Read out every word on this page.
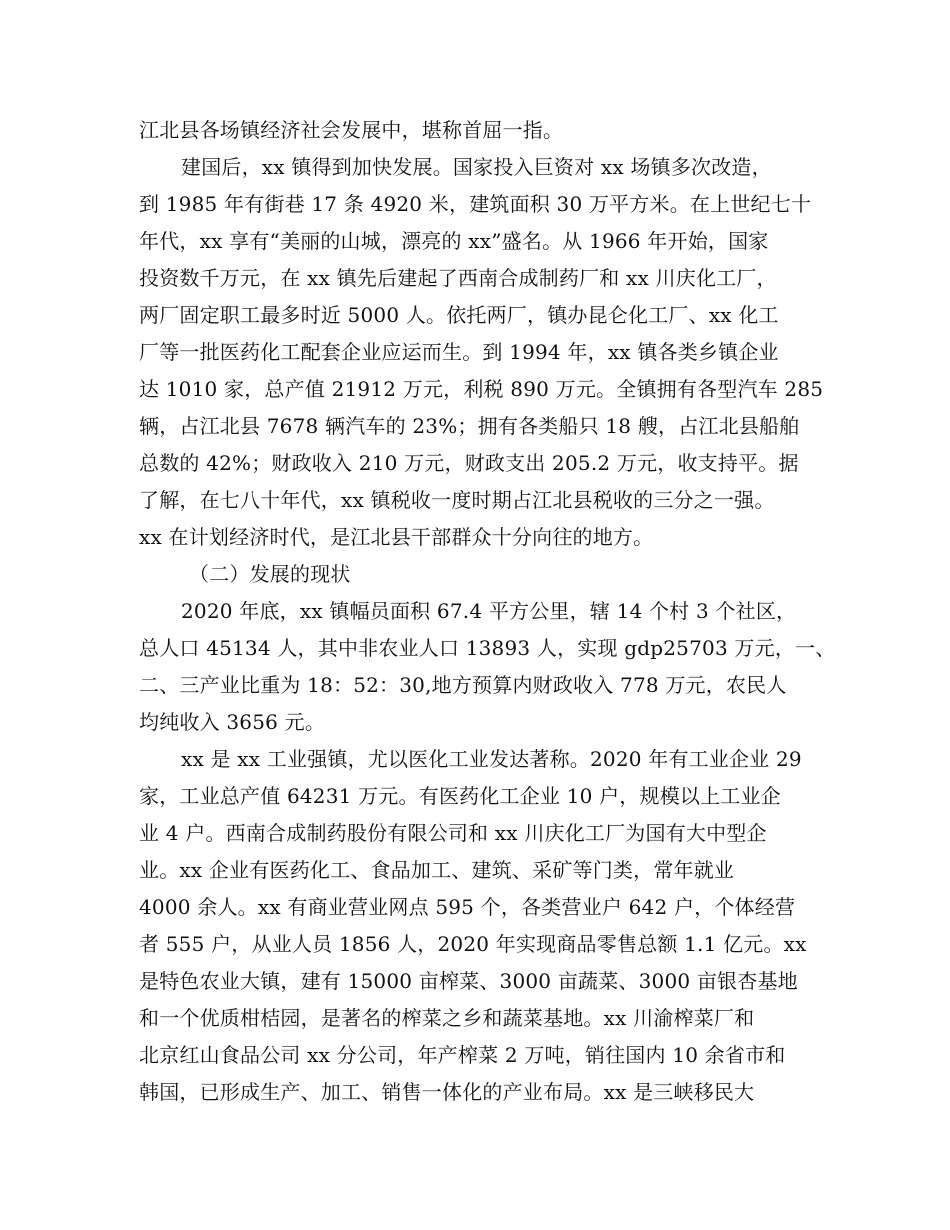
江北县各场镇经济社会发展中，堪称首屈一指。
建国后，xx 镇得到加快发展。国家投入巨资对 xx 场镇多次改造，
到 1985 年有街巷 17 条 4920 米，建筑面积 30 万平方米。在上世纪七十
年代，xx 享有“美丽的山城，漂亮的 xx”盛名。从 1966 年开始，国家
投资数千万元，在 xx 镇先后建起了西南合成制药厂和 xx 川庆化工厂，
两厂固定职工最多时近 5000 人。依托两厂，镇办昆仑化工厂、xx 化工
厂等一批医药化工配套企业应运而生。到 1994 年，xx 镇各类乡镇企业
达 1010 家，总产值 21912 万元，利税 890 万元。全镇拥有各型汽车 285
辆，占江北县 7678 辆汽车的 23%；拥有各类船只 18 艘，占江北县船舶
总数的 42%；财政收入 210 万元，财政支出 205.2 万元，收支持平。据
了解，在七八十年代，xx 镇税收一度时期占江北县税收的三分之一强。
xx 在计划经济时代，是江北县干部群众十分向往的地方。
（二）发展的现状
2020 年底，xx 镇幅员面积 67.4 平方公里，辖 14 个村 3 个社区，
总人口 45134 人，其中非农业人口 13893 人，实现 gdp25703 万元，一、
二、三产业比重为 18：52：30,地方预算内财政收入 778 万元，农民人
均纯收入 3656 元。
xx 是 xx 工业强镇，尤以医化工业发达著称。2020 年有工业企业 29
家，工业总产值 64231 万元。有医药化工企业 10 户，规模以上工业企
业 4 户。西南合成制药股份有限公司和 xx 川庆化工厂为国有大中型企
业。xx 企业有医药化工、食品加工、建筑、采矿等门类，常年就业
4000 余人。xx 有商业营业网点 595 个，各类营业户 642 户，个体经营
者 555 户，从业人员 1856 人，2020 年实现商品零售总额 1.1 亿元。xx
是特色农业大镇，建有 15000 亩榨菜、3000 亩蔬菜、3000 亩银杏基地
和一个优质柑桔园，是著名的榨菜之乡和蔬菜基地。xx 川渝榨菜厂和
北京红山食品公司 xx 分公司，年产榨菜 2 万吨，销往国内 10 余省市和
韩国，已形成生产、加工、销售一体化的产业布局。xx 是三峡移民大
